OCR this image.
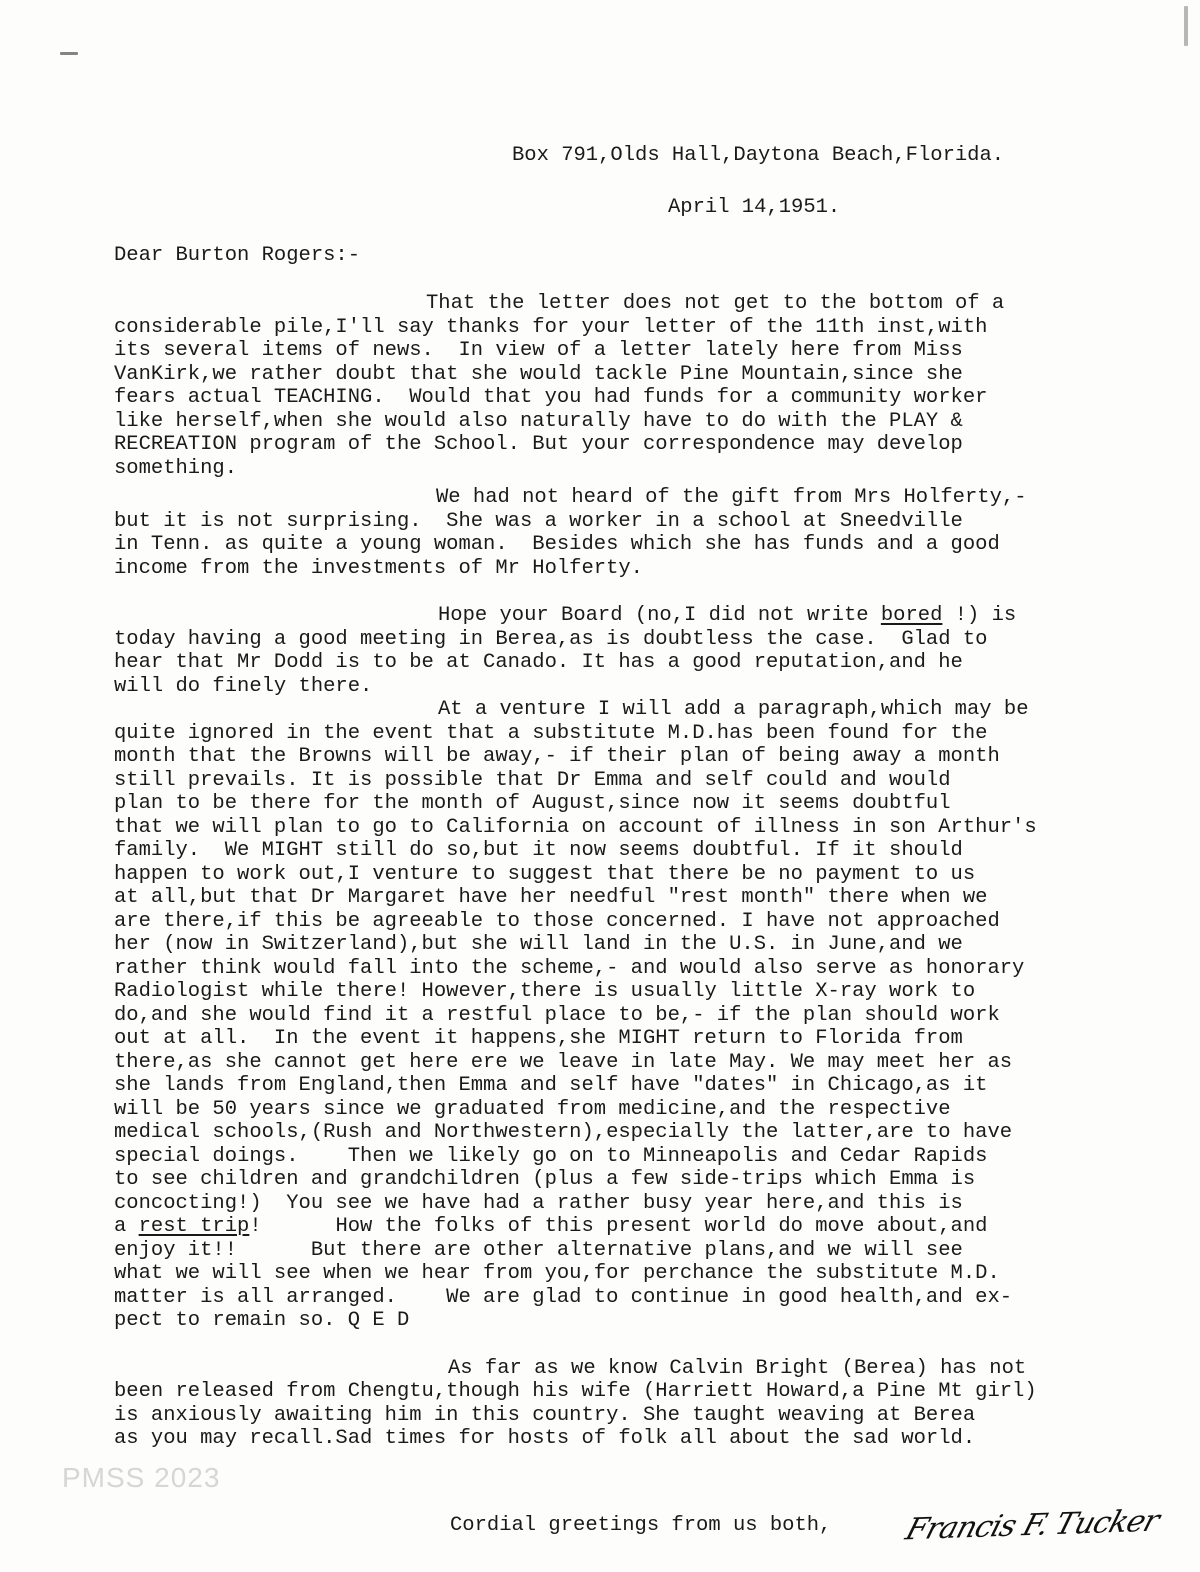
Box 791,Olds Hall,Daytona Beach,Florida.
April 14,1951.
Dear Burton Rogers:-
That the letter does not get to the bottom of a
considerable pile,I'll say thanks for your letter of the 11th inst,with
its several items of news.  In view of a letter lately here from Miss
VanKirk,we rather doubt that she would tackle Pine Mountain,since she
fears actual TEACHING.  Would that you had funds for a community worker
like herself,when she would also naturally have to do with the PLAY &
RECREATION program of the School. But your correspondence may develop
something.
We had not heard of the gift from Mrs Holferty,-
but it is not surprising.  She was a worker in a school at Sneedville
in Tenn. as quite a young woman.  Besides which she has funds and a good
income from the investments of Mr Holferty.
Hope your Board (no,I did not write bored !) is
today having a good meeting in Berea,as is doubtless the case.  Glad to
hear that Mr Dodd is to be at Canado. It has a good reputation,and he
will do finely there.
At a venture I will add a paragraph,which may be
quite ignored in the event that a substitute M.D.has been found for the
month that the Browns will be away,- if their plan of being away a month
still prevails. It is possible that Dr Emma and self could and would
plan to be there for the month of August,since now it seems doubtful
that we will plan to go to California on account of illness in son Arthur's
family.  We MIGHT still do so,but it now seems doubtful. If it should
happen to work out,I venture to suggest that there be no payment to us
at all,but that Dr Margaret have her needful "rest month" there when we
are there,if this be agreeable to those concerned. I have not approached
her (now in Switzerland),but she will land in the U.S. in June,and we
rather think would fall into the scheme,- and would also serve as honorary
Radiologist while there! However,there is usually little X-ray work to
do,and she would find it a restful place to be,- if the plan should work
out at all.  In the event it happens,she MIGHT return to Florida from
there,as she cannot get here ere we leave in late May. We may meet her as
she lands from England,then Emma and self have "dates" in Chicago,as it
will be 50 years since we graduated from medicine,and the respective
medical schools,(Rush and Northwestern),especially the latter,are to have
special doings.    Then we likely go on to Minneapolis and Cedar Rapids
to see children and grandchildren (plus a few side-trips which Emma is
concocting!)  You see we have had a rather busy year here,and this is
a rest trip!      How the folks of this present world do move about,and
enjoy it!!      But there are other alternative plans,and we will see
what we will see when we hear from you,for perchance the substitute M.D.
matter is all arranged.    We are glad to continue in good health,and ex-
pect to remain so. Q E D
As far as we know Calvin Bright (Berea) has not
been released from Chengtu,though his wife (Harriett Howard,a Pine Mt girl)
is anxiously awaiting him in this country. She taught weaving at Berea
as you may recall.Sad times for hosts of folk all about the sad world.
Cordial greetings from us both, Francis F. Tucker
PMSS 2023
